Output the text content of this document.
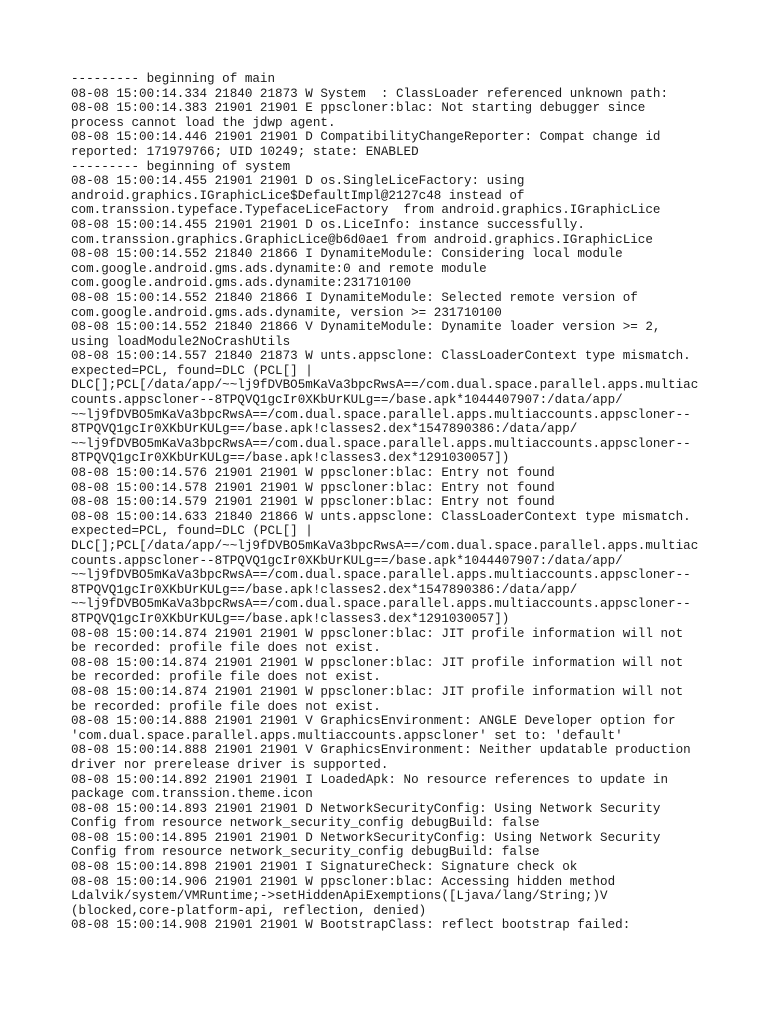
--------- beginning of main
08-08 15:00:14.334 21840 21873 W System  : ClassLoader referenced unknown path:
08-08 15:00:14.383 21901 21901 E ppscloner:blac: Not starting debugger since
process cannot load the jdwp agent.
08-08 15:00:14.446 21901 21901 D CompatibilityChangeReporter: Compat change id
reported: 171979766; UID 10249; state: ENABLED
--------- beginning of system
08-08 15:00:14.455 21901 21901 D os.SingleLiceFactory: using
android.graphics.IGraphicLice$DefaultImpl@2127c48 instead of
com.transsion.typeface.TypefaceLiceFactory  from android.graphics.IGraphicLice
08-08 15:00:14.455 21901 21901 D os.LiceInfo: instance successfully.
com.transsion.graphics.GraphicLice@b6d0ae1 from android.graphics.IGraphicLice
08-08 15:00:14.552 21840 21866 I DynamiteModule: Considering local module
com.google.android.gms.ads.dynamite:0 and remote module
com.google.android.gms.ads.dynamite:231710100
08-08 15:00:14.552 21840 21866 I DynamiteModule: Selected remote version of
com.google.android.gms.ads.dynamite, version >= 231710100
08-08 15:00:14.552 21840 21866 V DynamiteModule: Dynamite loader version >= 2,
using loadModule2NoCrashUtils
08-08 15:00:14.557 21840 21873 W unts.appsclone: ClassLoaderContext type mismatch.
expected=PCL, found=DLC (PCL[] |
DLC[];PCL[/data/app/~~lj9fDVBO5mKaVa3bpcRwsA==/com.dual.space.parallel.apps.multiac
counts.appscloner--8TPQVQ1gcIr0XKbUrKULg==/base.apk*1044407907:/data/app/
~~lj9fDVBO5mKaVa3bpcRwsA==/com.dual.space.parallel.apps.multiaccounts.appscloner--
8TPQVQ1gcIr0XKbUrKULg==/base.apk!classes2.dex*1547890386:/data/app/
~~lj9fDVBO5mKaVa3bpcRwsA==/com.dual.space.parallel.apps.multiaccounts.appscloner--
8TPQVQ1gcIr0XKbUrKULg==/base.apk!classes3.dex*1291030057])
08-08 15:00:14.576 21901 21901 W ppscloner:blac: Entry not found
08-08 15:00:14.578 21901 21901 W ppscloner:blac: Entry not found
08-08 15:00:14.579 21901 21901 W ppscloner:blac: Entry not found
08-08 15:00:14.633 21840 21866 W unts.appsclone: ClassLoaderContext type mismatch.
expected=PCL, found=DLC (PCL[] |
DLC[];PCL[/data/app/~~lj9fDVBO5mKaVa3bpcRwsA==/com.dual.space.parallel.apps.multiac
counts.appscloner--8TPQVQ1gcIr0XKbUrKULg==/base.apk*1044407907:/data/app/
~~lj9fDVBO5mKaVa3bpcRwsA==/com.dual.space.parallel.apps.multiaccounts.appscloner--
8TPQVQ1gcIr0XKbUrKULg==/base.apk!classes2.dex*1547890386:/data/app/
~~lj9fDVBO5mKaVa3bpcRwsA==/com.dual.space.parallel.apps.multiaccounts.appscloner--
8TPQVQ1gcIr0XKbUrKULg==/base.apk!classes3.dex*1291030057])
08-08 15:00:14.874 21901 21901 W ppscloner:blac: JIT profile information will not
be recorded: profile file does not exist.
08-08 15:00:14.874 21901 21901 W ppscloner:blac: JIT profile information will not
be recorded: profile file does not exist.
08-08 15:00:14.874 21901 21901 W ppscloner:blac: JIT profile information will not
be recorded: profile file does not exist.
08-08 15:00:14.888 21901 21901 V GraphicsEnvironment: ANGLE Developer option for
'com.dual.space.parallel.apps.multiaccounts.appscloner' set to: 'default'
08-08 15:00:14.888 21901 21901 V GraphicsEnvironment: Neither updatable production
driver nor prerelease driver is supported.
08-08 15:00:14.892 21901 21901 I LoadedApk: No resource references to update in
package com.transsion.theme.icon
08-08 15:00:14.893 21901 21901 D NetworkSecurityConfig: Using Network Security
Config from resource network_security_config debugBuild: false
08-08 15:00:14.895 21901 21901 D NetworkSecurityConfig: Using Network Security
Config from resource network_security_config debugBuild: false
08-08 15:00:14.898 21901 21901 I SignatureCheck: Signature check ok
08-08 15:00:14.906 21901 21901 W ppscloner:blac: Accessing hidden method
Ldalvik/system/VMRuntime;->setHiddenApiExemptions([Ljava/lang/String;)V
(blocked,core-platform-api, reflection, denied)
08-08 15:00:14.908 21901 21901 W BootstrapClass: reflect bootstrap failed:
